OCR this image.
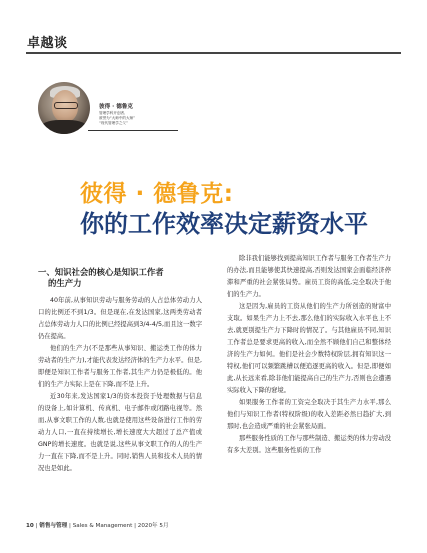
卓越谈
彼得 · 德鲁克
管理学科开创者,
被誉为“大师中的大师”
“现代管理学之父”
彼得 · 德鲁克:
你的工作效率决定薪资水平
一、知识社会的核心是知识工作者
的生产力

40年前,从事知识劳动与服务劳动的人占总体劳动力人口的比例还不到1/3。但是现在,在发达国家,这两类劳动者占总体劳动力人口的比例已经提高到3/4-4/5,而且这一数字仍在提高。

他们的生产力(不是那些从事知识、搬运类工作的体力劳动者的生产力),才能代表发达经济体的生产力水平。但是,即便是知识工作者与服务工作者,其生产力仍是极低的。他们的生产力实际上是在下降,而不是上升。

近30年来,发达国家1/3的资本投资于处理数据与信息的设备上,如计算机、传真机、电子邮件或闭路电视等。然而,从事文职工作的人数,也就是使用这些设备进行工作的劳动力人口,一直在持续增长,增长速度大大超过了总产值或GNP的增长速度。也就是说,这些从事文职工作的人的生产力一直在下降,而不是上升。同时,销售人员和技术人员的情况也是如此。

除非我们能够找到提高知识工作者与服务工作者生产力的办法,而且能够使其快速提高,否则发达国家会面临经济停滞和严重的社会紧张局势。雇员工资的高低,完全取决于他们的生产力。

这是因为,雇员的工资从他们的生产力所创造的财富中支取。如果生产力上不去,那么他们的实际收入水平也上不去,就更别提生产力下降时的情况了。与其他雇员不同,知识工作者总是要求更高的收入,而全然不顾他们自己和整体经济的生产力如何。他们是社会少数特权阶层,拥有知识这一特权,他们可以频繁跳槽以便追逐更高的收入。但是,即便如此,从长远来看,除非他们能提高自己的生产力,否则也会遭遇实际收入下降的窘境。

如果服务工作者的工资完全取决于其生产力水平,那么他们与知识工作者(特权阶级)的收入差距必然日趋扩大,到那时,也会造成严重的社会紧张局面。

那些服务性质的工作与那些制造、搬运类的体力劳动没有多大差别。这些服务性质的工作

10 | 销售与管理 | Sales & Management | 2020年 5月
